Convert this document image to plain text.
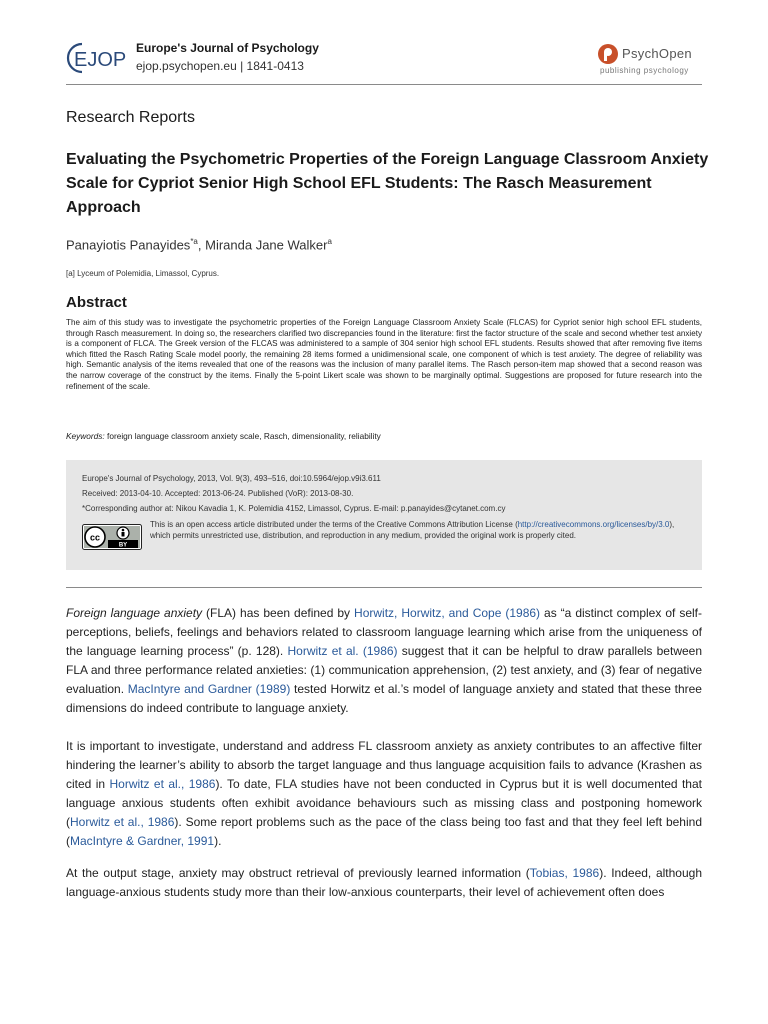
EJOP
Europe's Journal of Psychology
ejop.psychopen.eu | 1841-0413
PsychOpen
publishing psychology
Research Reports
Evaluating the Psychometric Properties of the Foreign Language Classroom Anxiety Scale for Cypriot Senior High School EFL Students: The Rasch Measurement Approach
Panayiotis Panayides$^{*a}$, Miranda Jane Walker$^a$
[a] Lyceum of Polemidia, Limassol, Cyprus.
Abstract
The aim of this study was to investigate the psychometric properties of the Foreign Language Classroom Anxiety Scale (FLCAS) for Cypriot senior high school EFL students, through Rasch measurement. In doing so, the researchers clarified two discrepancies found in the literature: first the factor structure of the scale and second whether test anxiety is a component of FLCA. The Greek version of the FLCAS was administered to a sample of 304 senior high school EFL students. Results showed that after removing five items which fitted the Rasch Rating Scale model poorly, the remaining 28 items formed a unidimensional scale, one component of which is test anxiety. The degree of reliability was high. Semantic analysis of the items revealed that one of the reasons was the inclusion of many parallel items. The Rasch person-item map showed that a second reason was the narrow coverage of the construct by the items. Finally the 5-point Likert scale was shown to be marginally optimal. Suggestions are proposed for future research into the refinement of the scale.
Keywords: foreign language classroom anxiety scale, Rasch, dimensionality, reliability
Europe's Journal of Psychology, 2013, Vol. 9(3), 493–516, doi:10.5964/ejop.v9i3.611
Received: 2013-04-10. Accepted: 2013-06-24. Published (VoR): 2013-08-30.
*Corresponding author at: Nikou Kavadia 1, K. Polemidia 4152, Limassol, Cyprus. E-mail: p.panayides@cytanet.com.cy
cc
BY
This is an open access article distributed under the terms of the Creative Commons Attribution License (http://creativecommons.org/licenses/by/3.0), which permits unrestricted use, distribution, and reproduction in any medium, provided the original work is properly cited.
Foreign language anxiety (FLA) has been defined by Horwitz, Horwitz, and Cope (1986) as “a distinct complex of self-perceptions, beliefs, feelings and behaviors related to classroom language learning which arise from the uniqueness of the language learning process” (p. 128). Horwitz et al. (1986) suggest that it can be helpful to draw parallels between FLA and three performance related anxieties: (1) communication apprehension, (2) test anxiety, and (3) fear of negative evaluation. MacIntyre and Gardner (1989) tested Horwitz et al.’s model of language anxiety and stated that these three dimensions do indeed contribute to language anxiety.
It is important to investigate, understand and address FL classroom anxiety as anxiety contributes to an affective filter hindering the learner’s ability to absorb the target language and thus language acquisition fails to advance (Krashen as cited in Horwitz et al., 1986). To date, FLA studies have not been conducted in Cyprus but it is well documented that language anxious students often exhibit avoidance behaviours such as missing class and postponing homework (Horwitz et al., 1986). Some report problems such as the pace of the class being too fast and that they feel left behind (MacIntyre & Gardner, 1991).
At the output stage, anxiety may obstruct retrieval of previously learned information (Tobias, 1986). Indeed, although language-anxious students study more than their low-anxious counterparts, their level of achievement often does
